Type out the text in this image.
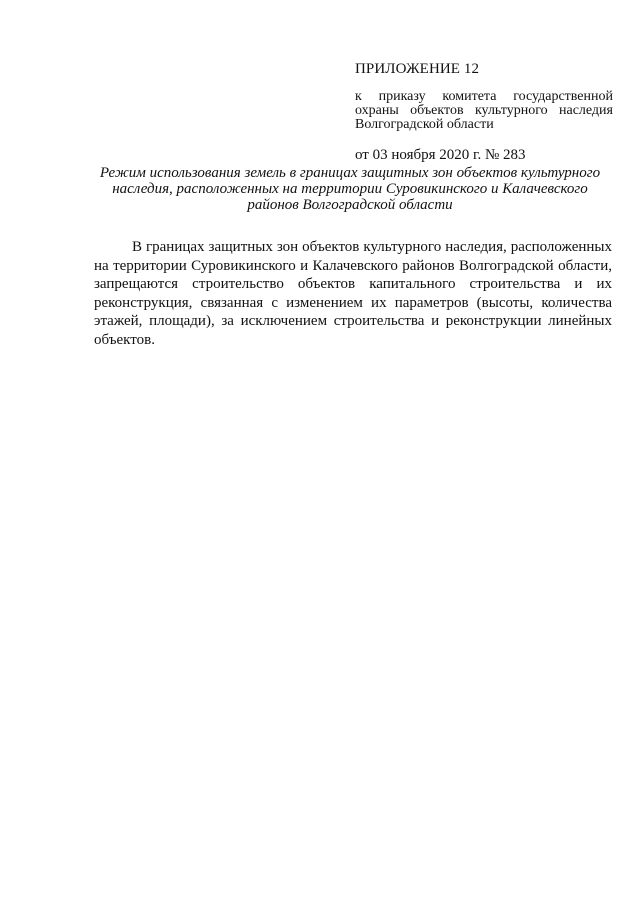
ПРИЛОЖЕНИЕ 12

к приказу комитета государственной охраны объектов культурного наследия Волгоградской области

от 03 ноября 2020 г. № 283

Режим использования земель в границах защитных зон объектов культурного наследия, расположенных на территории Суровикинского и Калачевского районов Волгоградской области

В границах защитных зон объектов культурного наследия, расположенных на территории Суровикинского и Калачевского районов Волгоградской области, запрещаются строительство объектов капитального строительства и их реконструкция, связанная с изменением их параметров (высоты, количества этажей, площади), за исключением строительства и реконструкции линейных объектов.
